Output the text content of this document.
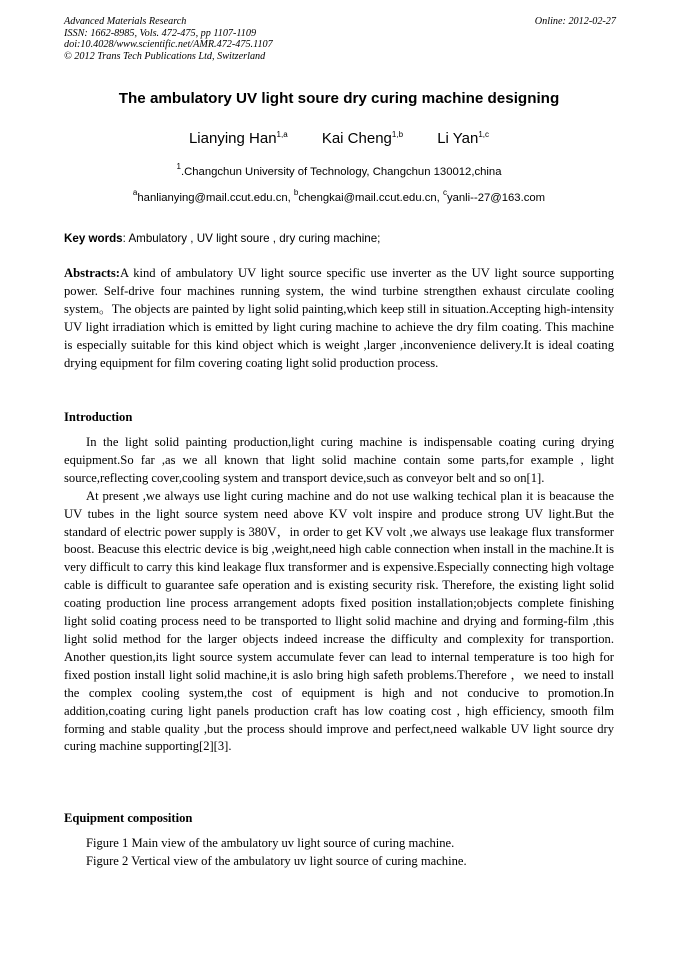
Advanced Materials Research
ISSN: 1662-8985, Vols. 472-475, pp 1107-1109
doi:10.4028/www.scientific.net/AMR.472-475.1107
© 2012 Trans Tech Publications Ltd, Switzerland
Online: 2012-02-27
The ambulatory UV light soure dry curing machine designing
Lianying Han$^{1,a}$ Kai Cheng$^{1,b}$ Li Yan$^{1,c}$
$^1$.Changchun University of Technology, Changchun 130012,china
$^a$hanlianying@mail.ccut.edu.cn, $^b$chengkai@mail.ccut.edu.cn, $^c$yanli--27@163.com
Key words: Ambulatory , UV light soure , dry curing machine;
Abstracts:A kind of ambulatory UV light source specific use inverter as the UV light source supporting power. Self-drive four machines running system, the wind turbine strengthen exhaust circulate cooling system。The objects are painted by light solid painting,which keep still in situation.Accepting high-intensity UV light irradiation which is emitted by light curing machine to achieve the dry film coating. This machine is especially suitable for this kind object which is weight ,larger ,inconvenience delivery.It is ideal coating drying equipment for film covering coating light solid production process.
Introduction

In the light solid painting production,light curing machine is indispensable coating curing drying equipment.So far ,as we all known that light solid machine contain some parts,for example , light source,reflecting cover,cooling system and transport device,such as conveyor belt and so on[1].

At present ,we always use light curing machine and do not use walking techical plan it is beacause the UV tubes in the light source system need above KV volt inspire and produce strong UV light.But the standard of electric power supply is 380V，in order to get KV volt ,we always use leakage flux transformer boost. Beacuse this electric device is big ,weight,need high cable connection when install in the machine.It is very difficult to carry this kind leakage flux transformer and is expensive.Especially connecting high voltage cable is difficult to guarantee safe operation and is existing security risk. Therefore, the existing light solid coating production line process arrangement adopts fixed position installation;objects complete finishing light solid coating process need to be transported to llight solid machine and drying and forming-film ,this light solid method for the larger objects indeed increase the difficulty and complexity for transportion. Another question,its light source system accumulate fever can lead to internal temperature is too high for fixed postion install light solid machine,it is aslo bring high safeth problems.Therefore ，we need to install the complex cooling system,the cost of equipment is high and not conducive to promotion.In addition,coating curing light panels production craft has low coating cost , high efficiency, smooth film forming and stable quality ,but the process should improve and perfect,need walkable UV light source dry curing machine supporting[2][3].

Equipment composition
Figure 1 Main view of the ambulatory uv light source of curing machine.
Figure 2 Vertical view of the ambulatory uv light source of curing machine.
